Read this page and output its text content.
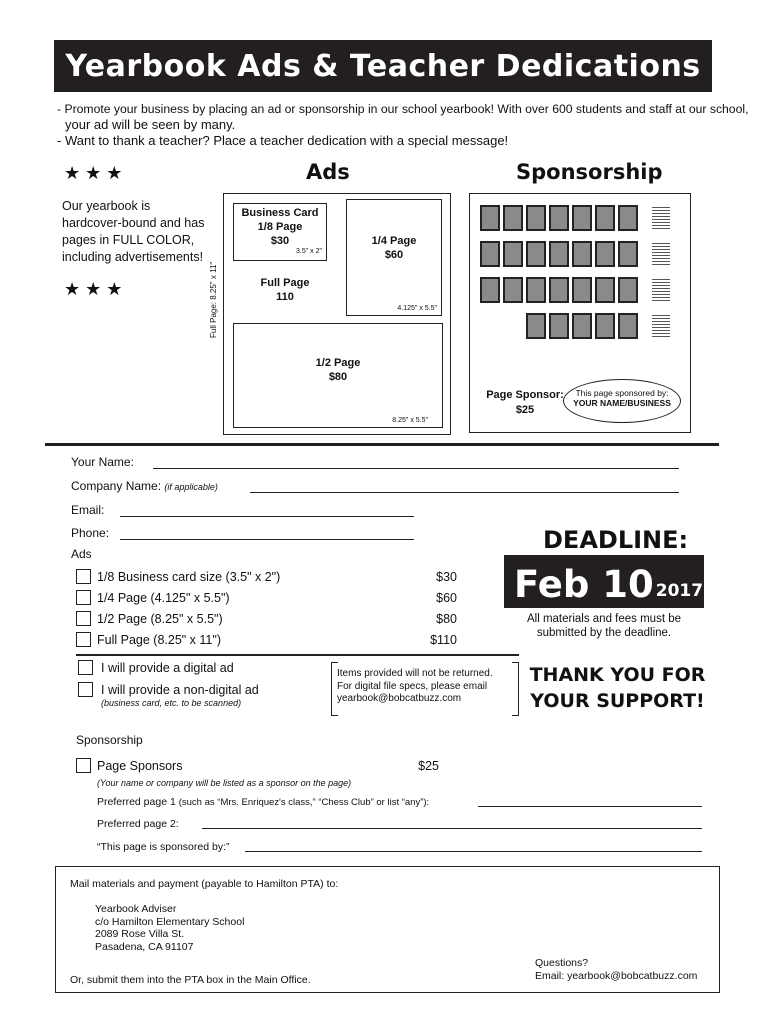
Yearbook Ads & Teacher Dedications
- Promote your business by placing an ad or sponsorship in our school yearbook! With over 600 students and staff at our school,
your ad will be seen by many.
- Want to thank a teacher? Place a teacher dedication with a special message!
★ ★ ★
Our yearbook is hardcover-bound and has pages in FULL COLOR, including advertisements!
★ ★ ★
Ads
Full Page: 8.25" x 11"
Business Card
1/8 Page
$30
3.5" x 2"
1/4 Page
$60
4.125" x 5.5"
Full Page
110
1/2 Page
$80
8.25" x 5.5"
Sponsorship
Page Sponsor:
$25
This page sponsored by:
YOUR NAME/BUSINESS
Your Name:
Company Name: (if applicable)
Email:
Phone:
Ads
1/8 Business card size (3.5" x 2")	$30
1/4 Page (4.125" x 5.5")	$60
1/2 Page (8.25" x 5.5")	$80
Full Page (8.25" x 11")	$110
I will provide a digital ad
I will provide a non-digital ad
(business card, etc. to be scanned)
Items provided will not be returned.
For digital file specs, please email
yearbook@bobcatbuzz.com
DEADLINE:
Feb 10 2017
All materials and fees must be
submitted by the deadline.
THANK YOU FOR
YOUR SUPPORT!
Sponsorship
Page Sponsors	$25
(Your name or company will be listed as a sponsor on the page)
Preferred page 1 (such as “Mrs. Enriquez's class,” “Chess Club” or list “any”):
Preferred page 2:
“This page is sponsored by:”
Mail materials and payment (payable to Hamilton PTA) to:
Yearbook Adviser
c/o Hamilton Elementary School
2089 Rose Villa St.
Pasadena, CA 91107
Or, submit them into the PTA box in the Main Office.
Questions?
Email: yearbook@bobcatbuzz.com
